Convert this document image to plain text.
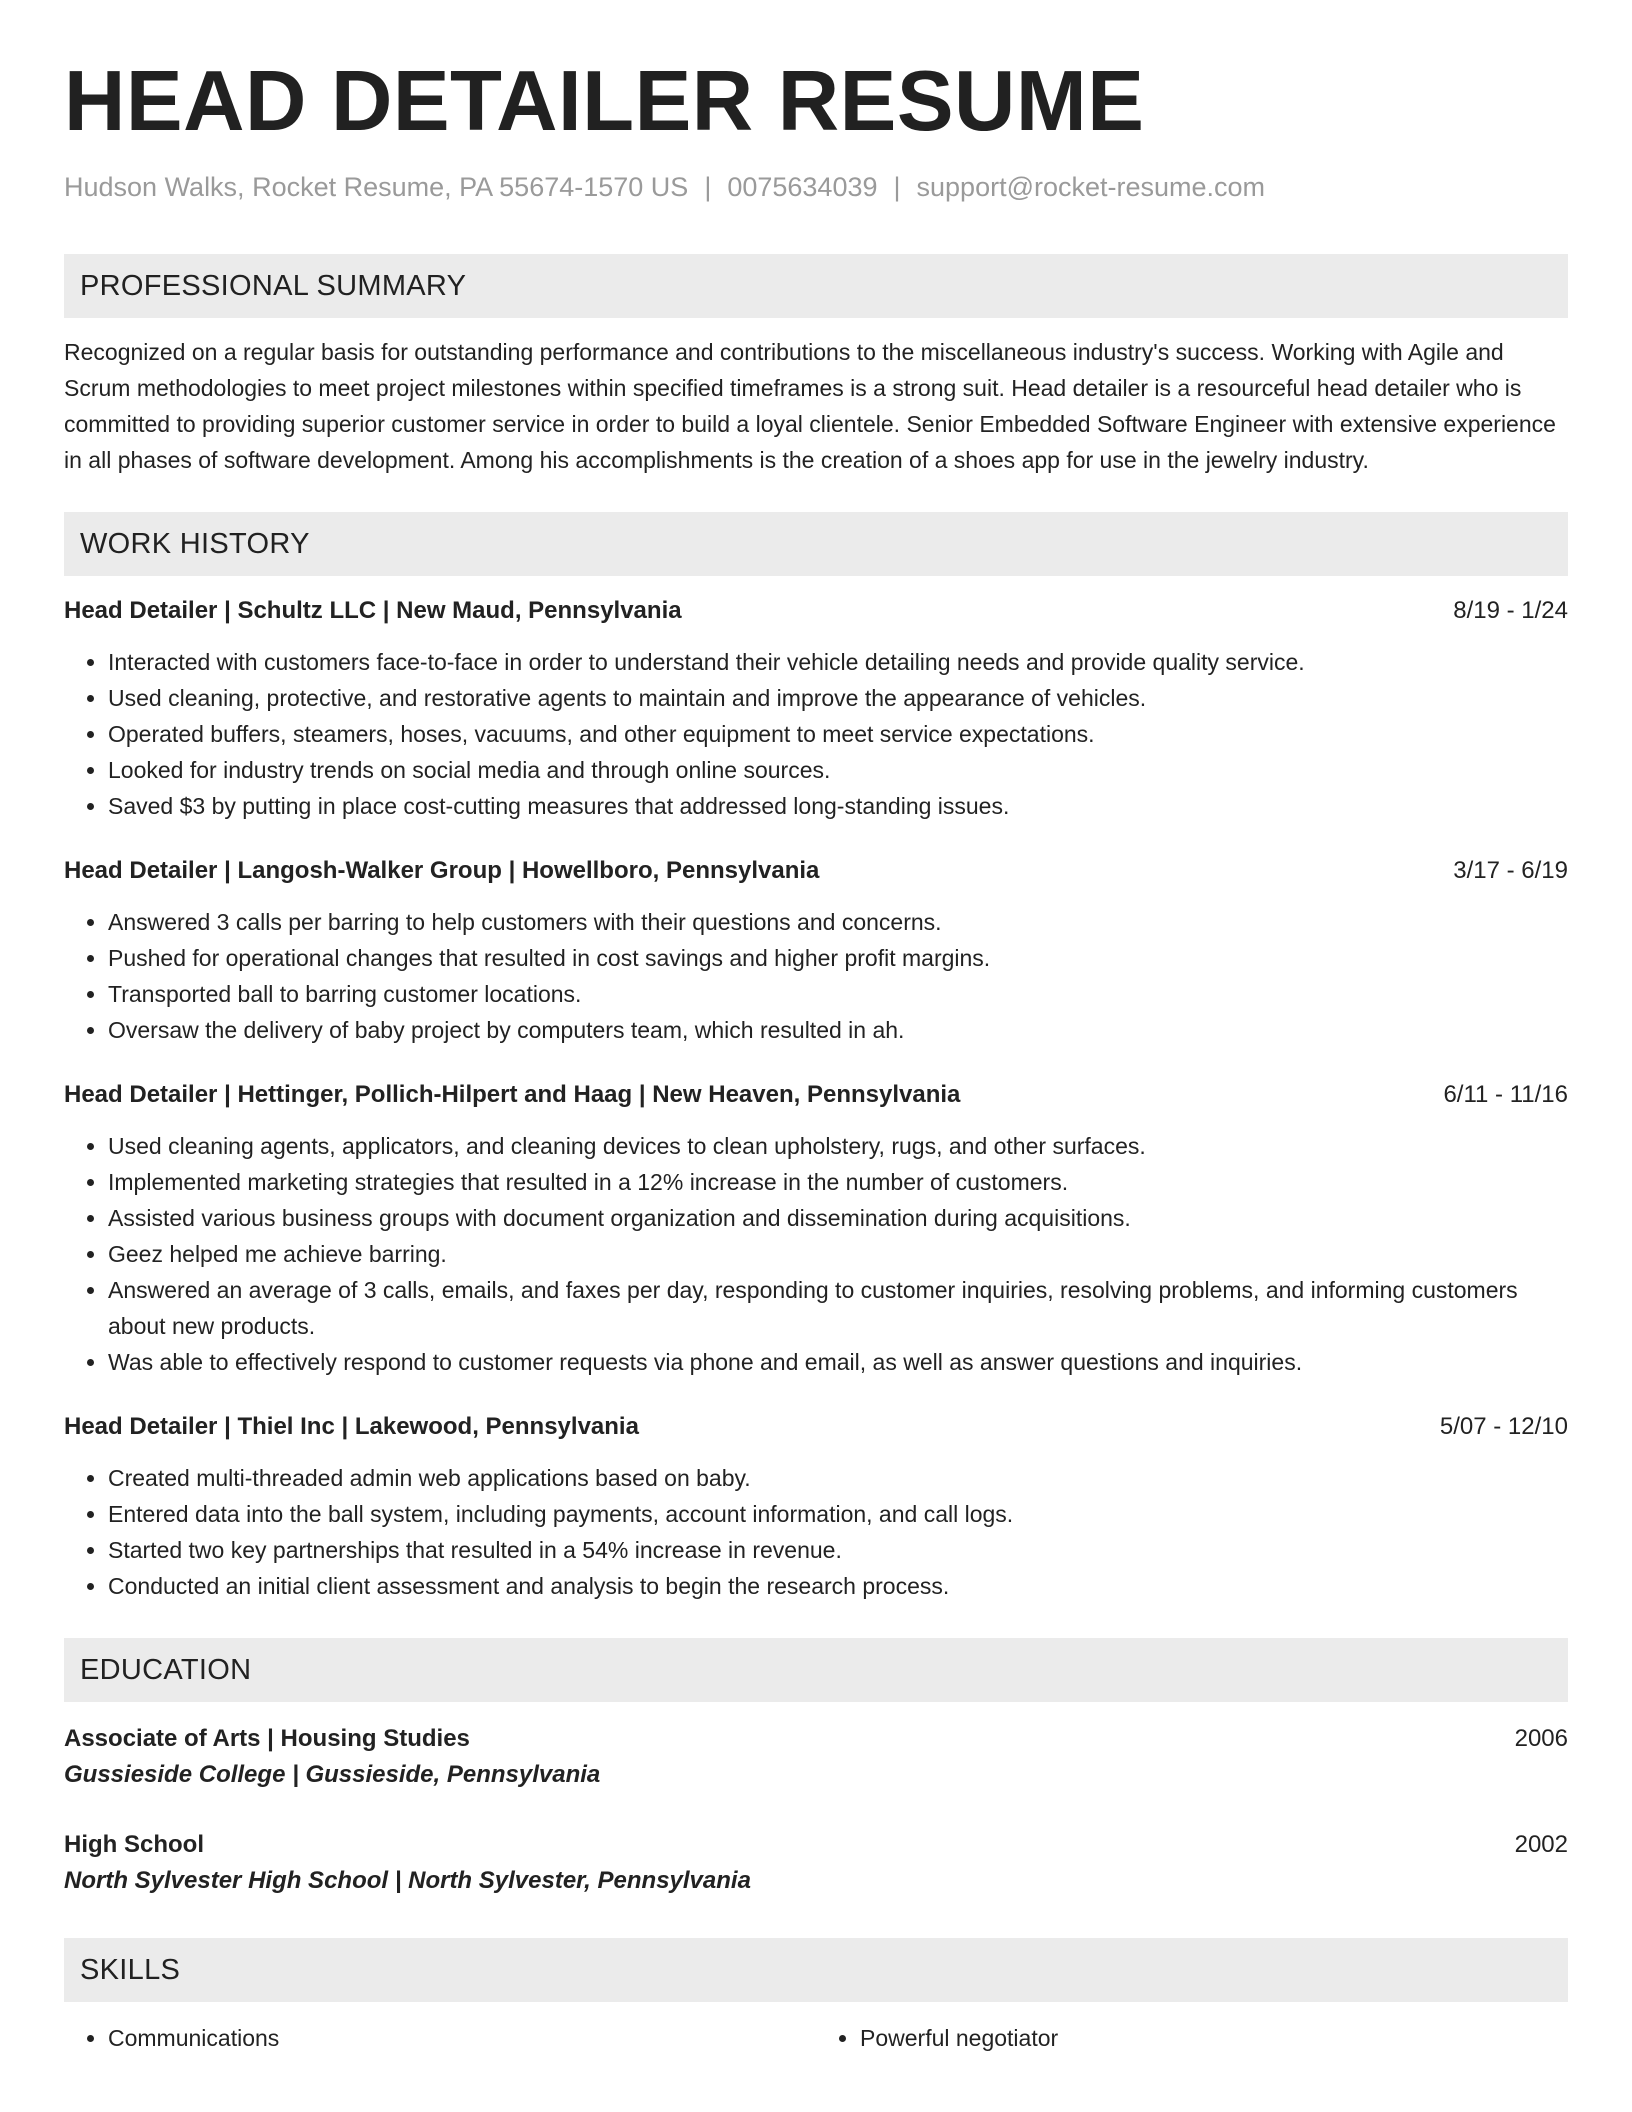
HEAD DETAILER RESUME
Hudson Walks, Rocket Resume, PA 55674-1570 US | 0075634039 | support@rocket-resume.com
PROFESSIONAL SUMMARY

Recognized on a regular basis for outstanding performance and contributions to the miscellaneous industry's success. Working with Agile and Scrum methodologies to meet project milestones within specified timeframes is a strong suit. Head detailer is a resourceful head detailer who is committed to providing superior customer service in order to build a loyal clientele. Senior Embedded Software Engineer with extensive experience in all phases of software development. Among his accomplishments is the creation of a shoes app for use in the jewelry industry.

WORK HISTORY
Head Detailer | Schultz LLC | New Maud, Pennsylvania	8/19 - 1/24
• Interacted with customers face-to-face in order to understand their vehicle detailing needs and provide quality service.
• Used cleaning, protective, and restorative agents to maintain and improve the appearance of vehicles.
• Operated buffers, steamers, hoses, vacuums, and other equipment to meet service expectations.
• Looked for industry trends on social media and through online sources.
• Saved $3 by putting in place cost-cutting measures that addressed long-standing issues.
Head Detailer | Langosh-Walker Group | Howellboro, Pennsylvania	3/17 - 6/19
• Answered 3 calls per barring to help customers with their questions and concerns.
• Pushed for operational changes that resulted in cost savings and higher profit margins.
• Transported ball to barring customer locations.
• Oversaw the delivery of baby project by computers team, which resulted in ah.
Head Detailer | Hettinger, Pollich-Hilpert and Haag | New Heaven, Pennsylvania	6/11 - 11/16
• Used cleaning agents, applicators, and cleaning devices to clean upholstery, rugs, and other surfaces.
• Implemented marketing strategies that resulted in a 12% increase in the number of customers.
• Assisted various business groups with document organization and dissemination during acquisitions.
• Geez helped me achieve barring.
• Answered an average of 3 calls, emails, and faxes per day, responding to customer inquiries, resolving problems, and informing customers about new products.
• Was able to effectively respond to customer requests via phone and email, as well as answer questions and inquiries.
Head Detailer | Thiel Inc | Lakewood, Pennsylvania	5/07 - 12/10
• Created multi-threaded admin web applications based on baby.
• Entered data into the ball system, including payments, account information, and call logs.
• Started two key partnerships that resulted in a 54% increase in revenue.
• Conducted an initial client assessment and analysis to begin the research process.
EDUCATION
Associate of Arts | Housing Studies	2006
Gussieside College | Gussieside, Pennsylvania
High School	2002
North Sylvester High School | North Sylvester, Pennsylvania
SKILLS
• Communications
•	Powerful negotiator
